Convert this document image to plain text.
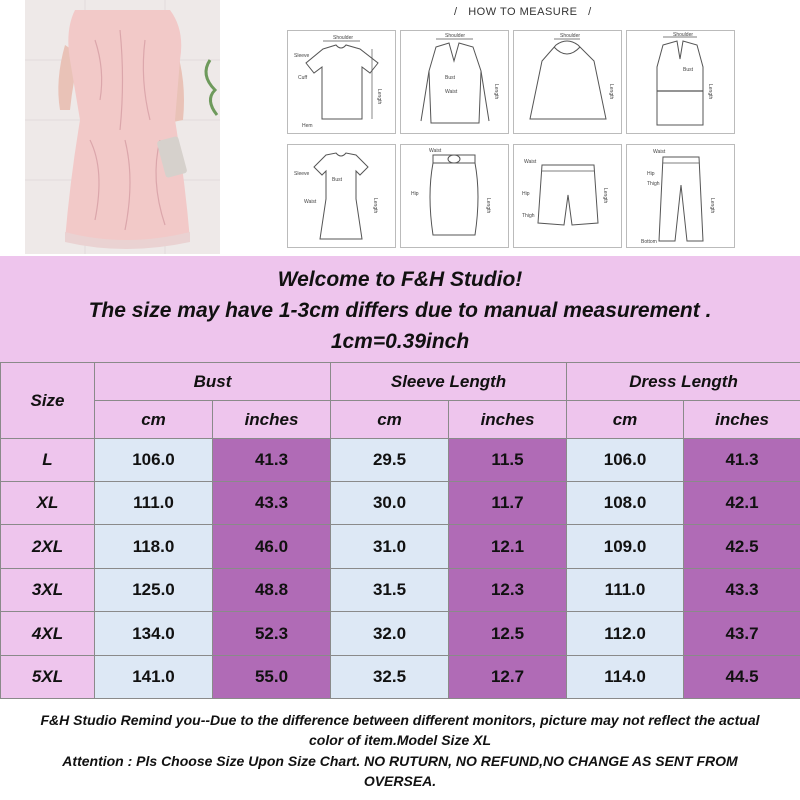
/   HOW TO MEASURE   /
Shoulder
Sleeve
Cuff
Length
Hem
Shoulder
Bust
Waist	Length
Shoulder
Length
Shoulder
Bust
Length
Sleeve
Bust
Waist	Length
Waist
Hip
Length
Waist
Hip
Thigh
Length
Waist
Hip
Thigh
Length
Bottom
Welcome to F&H Studio!
The size may have 1-3cm differs due to manual measurement .
1cm=0.39inch
Size	Bust		Sleeve Length		Dress Length	
	cm	inches	cm	inches	cm	inches
L	106.0	41.3	29.5	11.5	106.0	41.3
XL	111.0	43.3	30.0	11.7	108.0	42.1
2XL	118.0	46.0	31.0	12.1	109.0	42.5
3XL	125.0	48.8	31.5	12.3	111.0	43.3
4XL	134.0	52.3	32.0	12.5	112.0	43.7
5XL	141.0	55.0	32.5	12.7	114.0	44.5
F&H Studio Remind you--Due to the difference between different monitors, picture may not reflect the actual
color of item.Model Size XL
Attention : Pls Choose Size Upon Size Chart. NO RUTURN, NO REFUND,NO CHANGE AS SENT FROM
OVERSEA.
